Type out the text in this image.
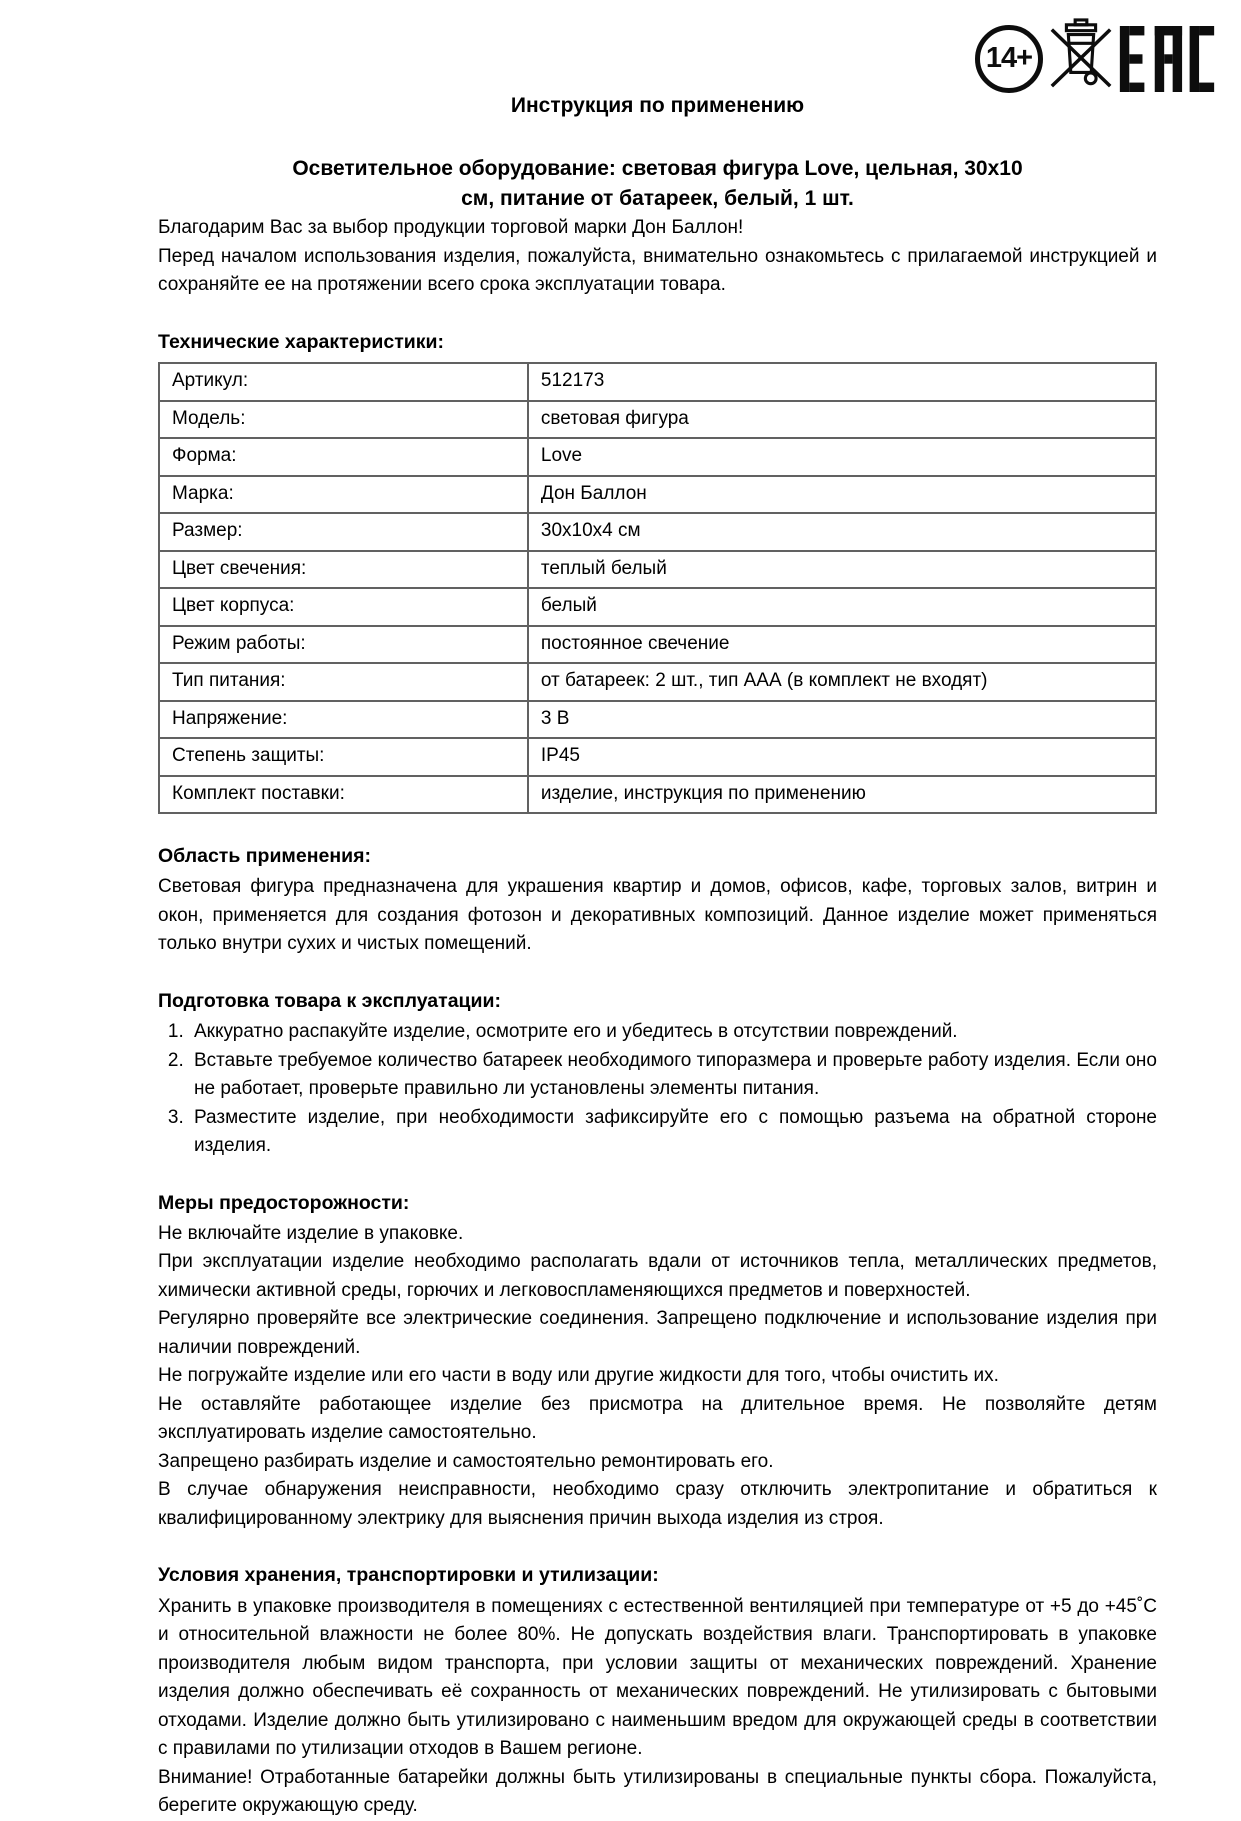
14+
Инструкция по применению
Осветительное оборудование: световая фигура Love, цельная, 30х10 см, питание от батареек, белый, 1 шт.

Благодарим Вас за выбор продукции торговой марки Дон Баллон!

Перед началом использования изделия, пожалуйста, внимательно ознакомьтесь с прилагаемой инструкцией и сохраняйте ее на протяжении всего срока эксплуатации товара.

Технические характеристики:
Артикул:	512173
Модель:	световая фигура
Форма:	Love
Марка:	Дон Баллон
Размер:	30х10х4 см
Цвет свечения:	теплый белый
Цвет корпуса:	белый
Режим работы:	постоянное свечение
Тип питания:	от батареек: 2 шт., тип ААА (в комплект не входят)
Напряжение:	3 В
Степень защиты:	IP45
Комплект поставки:	изделие, инструкция по применению
Область применения:

Световая фигура предназначена для украшения квартир и домов, офисов, кафе, торговых залов, витрин и окон, применяется для создания фотозон и декоративных композиций. Данное изделие может применяться только внутри сухих и чистых помещений.

Подготовка товара к эксплуатации:
1. Аккуратно распакуйте изделие, осмотрите его и убедитесь в отсутствии повреждений.
2. Вставьте требуемое количество батареек необходимого типоразмера и проверьте работу изделия. Если оно не работает, проверьте правильно ли установлены элементы питания.
3. Разместите изделие, при необходимости зафиксируйте его с помощью разъема на обратной стороне изделия.
Меры предосторожности:

Не включайте изделие в упаковке.

При эксплуатации изделие необходимо располагать вдали от источников тепла, металлических предметов, химически активной среды, горючих и легковоспламеняющихся предметов и поверхностей.

Регулярно проверяйте все электрические соединения. Запрещено подключение и использование изделия при наличии повреждений.

Не погружайте изделие или его части в воду или другие жидкости для того, чтобы очистить их.

Не оставляйте работающее изделие без присмотра на длительное время. Не позволяйте детям эксплуатировать изделие самостоятельно.

Запрещено разбирать изделие и самостоятельно ремонтировать его.

В случае обнаружения неисправности, необходимо сразу отключить электропитание и обратиться к квалифицированному электрику для выяснения причин выхода изделия из строя.

Условия хранения, транспортировки и утилизации:

Хранить в упаковке производителя в помещениях с естественной вентиляцией при температуре от +5 до +45˚С и относительной влажности не более 80%. Не допускать воздействия влаги. Транспортировать в упаковке производителя любым видом транспорта, при условии защиты от механических повреждений. Хранение изделия должно обеспечивать её сохранность от механических повреждений. Не утилизировать с бытовыми отходами. Изделие должно быть утилизировано с наименьшим вредом для окружающей среды в соответствии с правилами по утилизации отходов в Вашем регионе.

Внимание! Отработанные батарейки должны быть утилизированы в специальные пункты сбора. Пожалуйста, берегите окружающую среду.
